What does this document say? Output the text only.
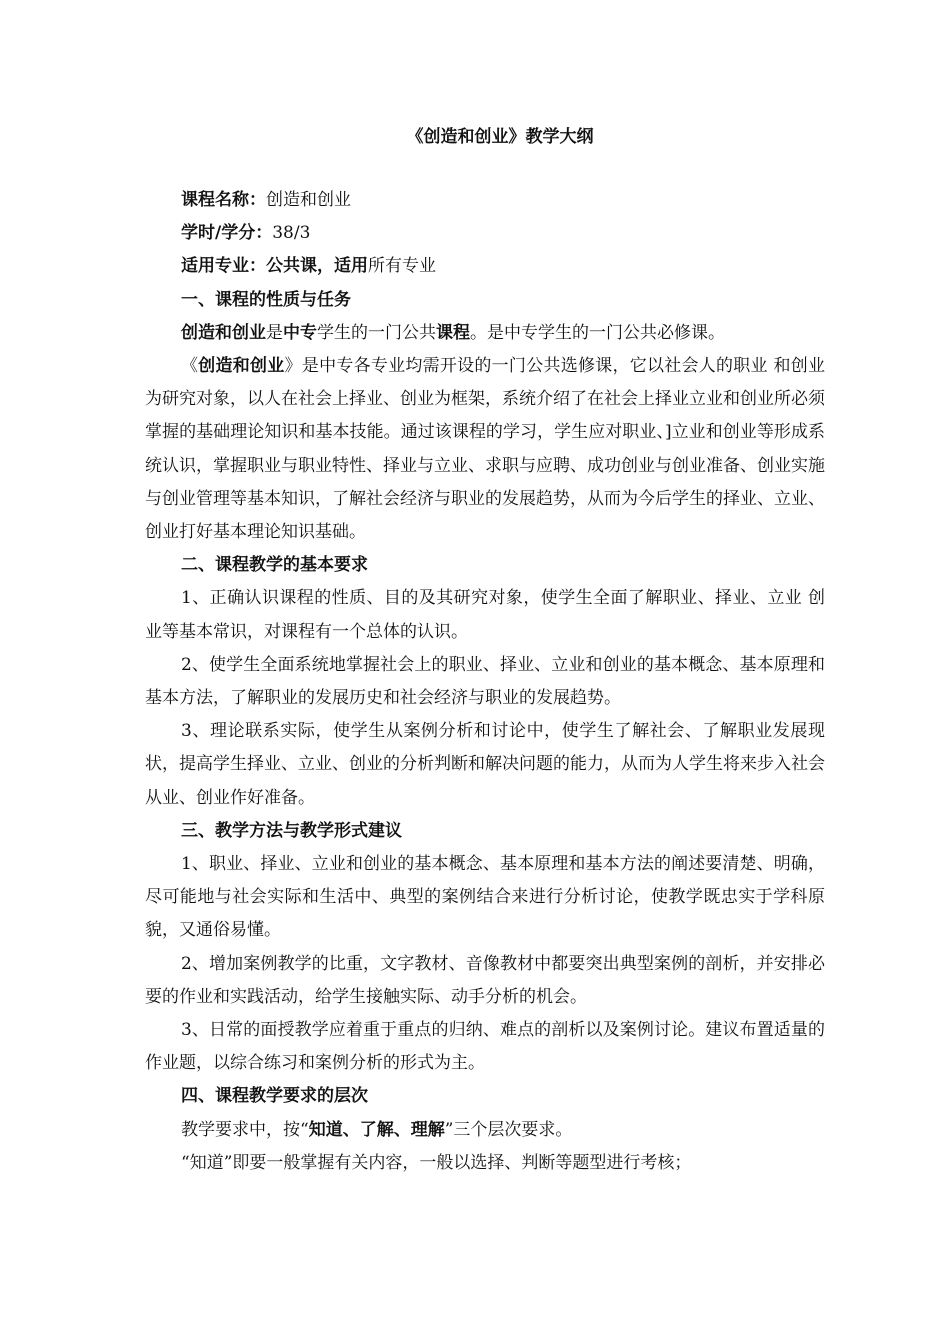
《创造和创业》教学大纲

课程名称：创造和创业

学时/学分：38/3

适用专业：公共课，适用所有专业

一、课程的性质与任务

创造和创业是中专学生的一门公共课程。是中专学生的一门公共必修课。

《创造和创业》是中专各专业均需开设的一门公共选修课，它以社会人的职业 和创业为研究对象，以人在社会上择业、创业为框架，系统介绍了在社会上择业立业和创业所必须掌握的基础理论知识和基本技能。通过该课程的学习，学生应对职业、]立业和创业等形成系统认识，掌握职业与职业特性、择业与立业、求职与应聘、成功创业与创业准备、创业实施与创业管理等基本知识，了解社会经济与职业的发展趋势，从而为今后学生的择业、立业、创业打好基本理论知识基础。

二、课程教学的基本要求

1、正确认识课程的性质、目的及其研究对象，使学生全面了解职业、择业、立业 创业等基本常识，对课程有一个总体的认识。

2、使学生全面系统地掌握社会上的职业、择业、立业和创业的基本概念、基本原理和基本方法，了解职业的发展历史和社会经济与职业的发展趋势。

3、理论联系实际，使学生从案例分析和讨论中，使学生了解社会、了解职业发展现状，提高学生择业、立业、创业的分析判断和解决问题的能力，从而为人学生将来步入社会从业、创业作好准备。

三、教学方法与教学形式建议

1、职业、择业、立业和创业的基本概念、基本原理和基本方法的阐述要清楚、明确，尽可能地与社会实际和生活中、典型的案例结合来进行分析讨论，使教学既忠实于学科原貌，又通俗易懂。

2、增加案例教学的比重，文字教材、音像教材中都要突出典型案例的剖析，并安排必要的作业和实践活动，给学生接触实际、动手分析的机会。

3、日常的面授教学应着重于重点的归纳、难点的剖析以及案例讨论。建议布置适量的作业题，以综合练习和案例分析的形式为主。

四、课程教学要求的层次

教学要求中，按“知道、了解、理解”三个层次要求。

“知道”即要一般掌握有关内容，一般以选择、判断等题型进行考核；
